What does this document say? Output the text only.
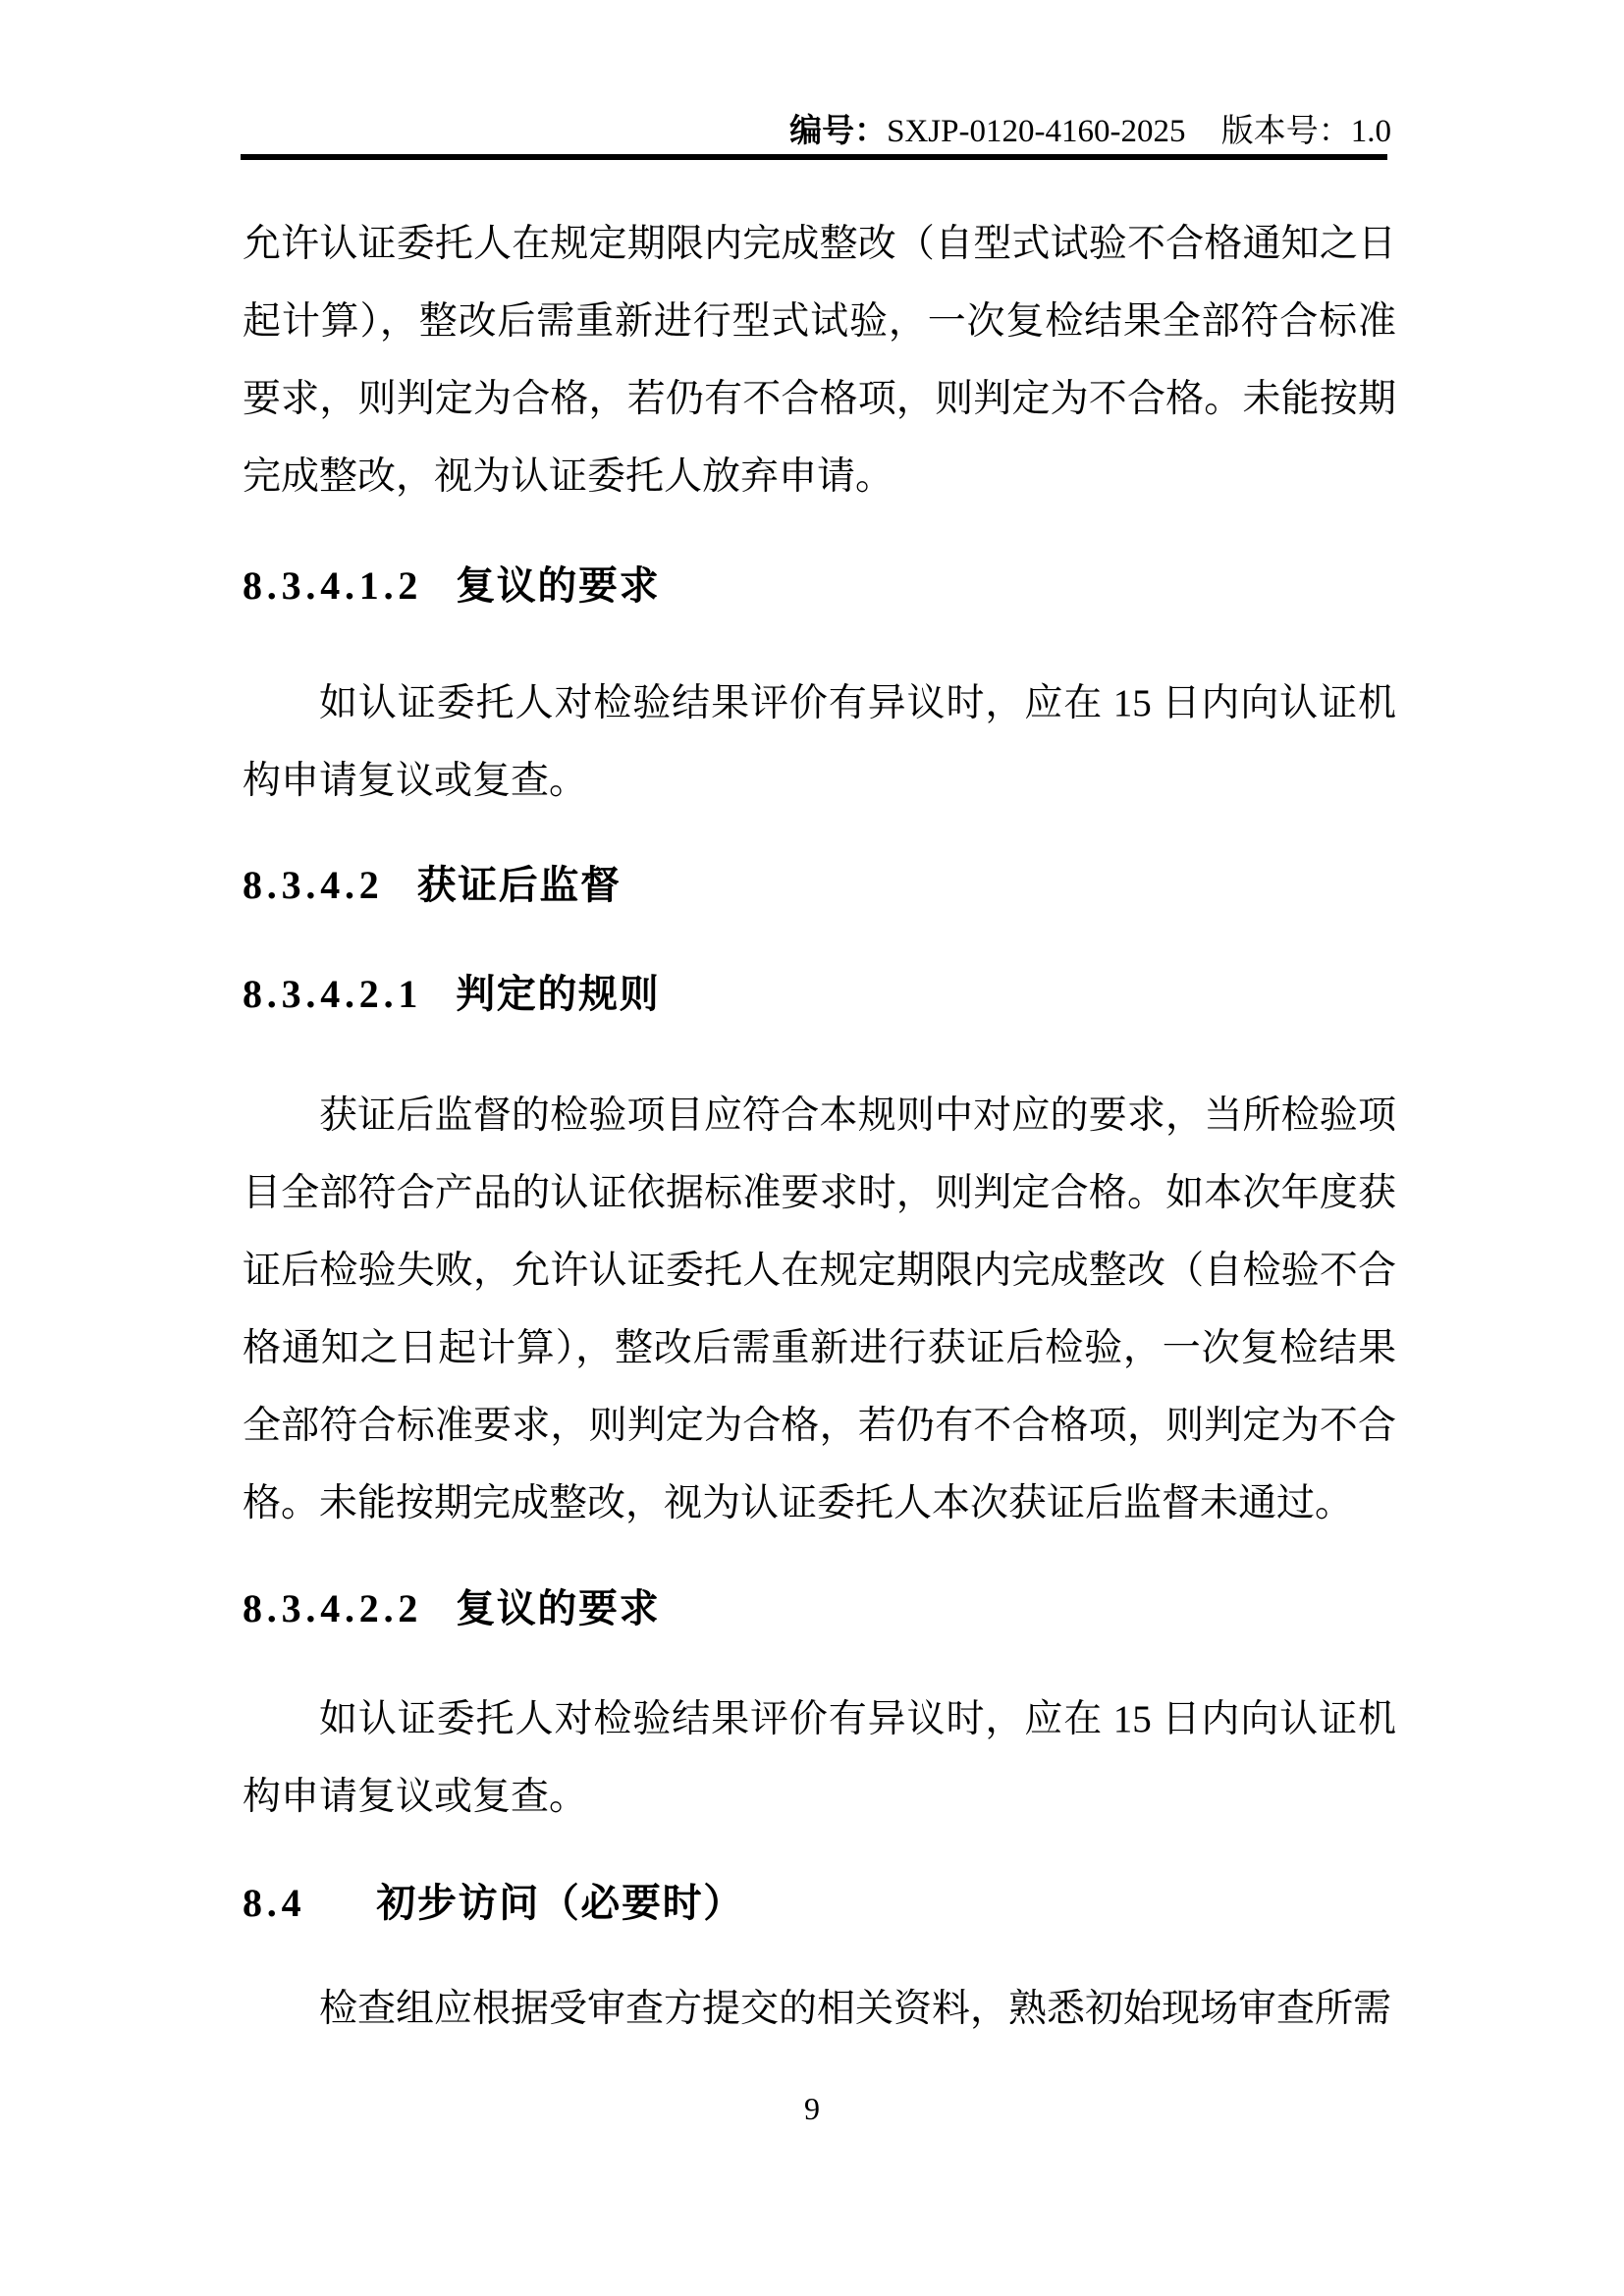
编号：SXJP-0120-4160-2025 版本号：1.0

允许认证委托人在规定期限内完成整改（自型式试验不合格通知之日起计算），整改后需重新进行型式试验，一次复检结果全部符合标准要求，则判定为合格，若仍有不合格项，则判定为不合格。未能按期完成整改，视为认证委托人放弃申请。

8.3.4.1.2 复议的要求

如认证委托人对检验结果评价有异议时，应在 15 日内向认证机构申请复议或复查。

8.3.4.2 获证后监督
8.3.4.2.1 判定的规则

获证后监督的检验项目应符合本规则中对应的要求，当所检验项目全部符合产品的认证依据标准要求时，则判定合格。如本次年度获证后检验失败，允许认证委托人在规定期限内完成整改（自检验不合格通知之日起计算），整改后需重新进行获证后检验，一次复检结果全部符合标准要求，则判定为合格，若仍有不合格项，则判定为不合格。未能按期完成整改，视为认证委托人本次获证后监督未通过。

8.3.4.2.2 复议的要求

如认证委托人对检验结果评价有异议时，应在 15 日内向认证机构申请复议或复查。

8.4 初步访问（必要时）

检查组应根据受审查方提交的相关资料，熟悉初始现场审查所需

9
